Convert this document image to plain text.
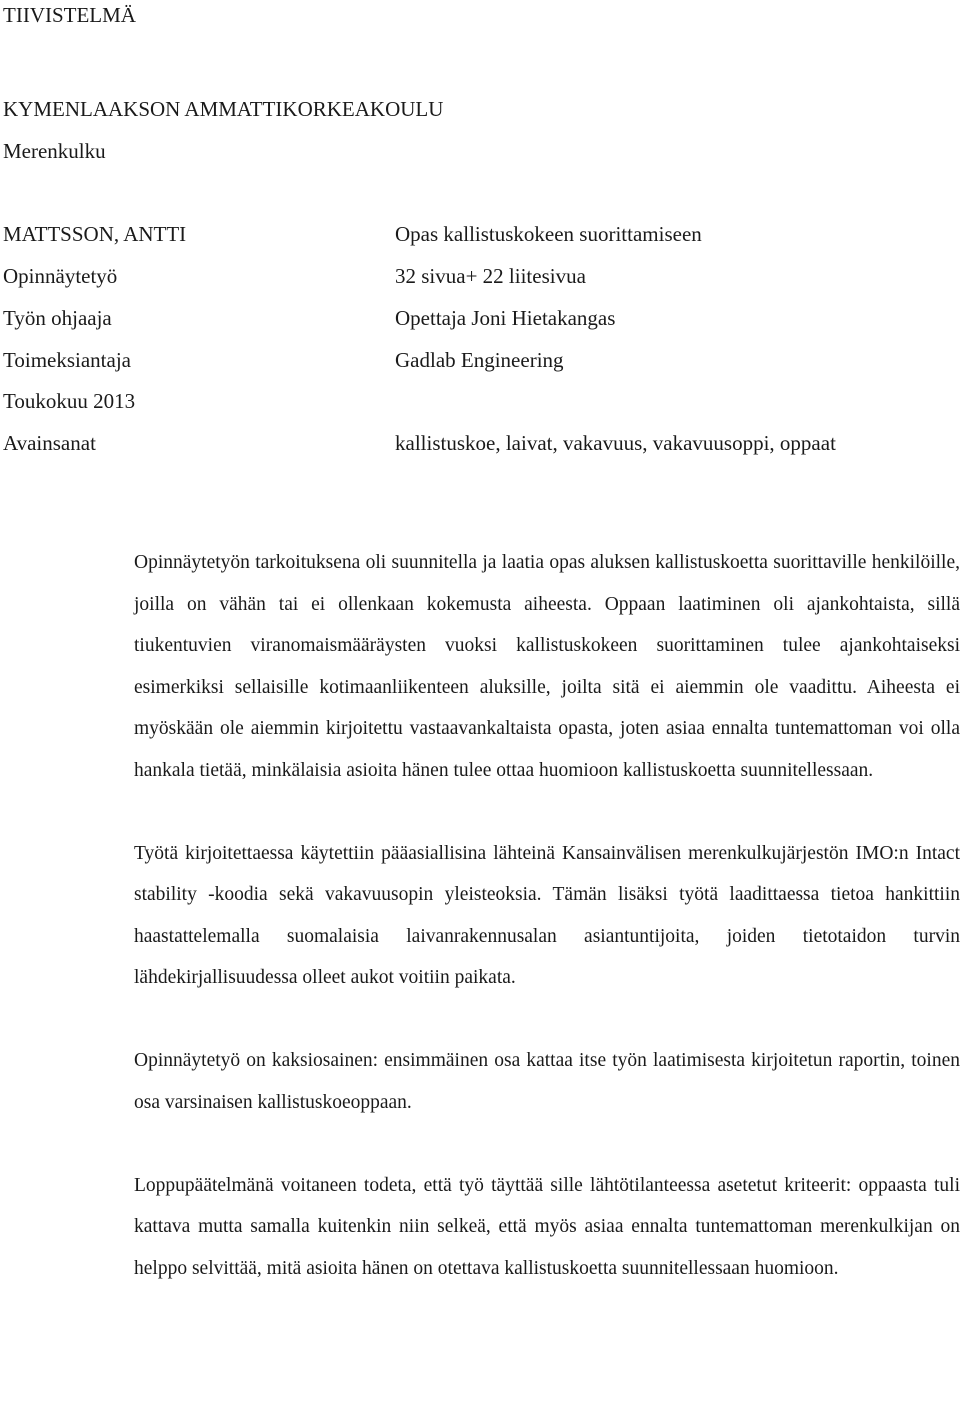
TIIVISTELMÄ
KYMENLAAKSON AMMATTIKORKEAKOULU
Merenkulku
MATTSSON, ANTTI	Opas kallistuskokeen suorittamiseen
Opinnäytetyö	32 sivua+ 22 liitesivua
Työn ohjaaja	Opettaja Joni Hietakangas
Toimeksiantaja	Gadlab Engineering
Toukokuu 2013
Avainsanat	kallistuskoe, laivat, vakavuus, vakavuusoppi, oppaat

Opinnäytetyön tarkoituksena oli suunnitella ja laatia opas aluksen kallistuskoetta suorittaville henkilöille, joilla on vähän tai ei ollenkaan kokemusta aiheesta. Oppaan laatiminen oli ajankohtaista, sillä tiukentuvien viranomaismääräysten vuoksi kallistuskokeen suorittaminen tulee ajankohtaiseksi esimerkiksi sellaisille kotimaanliikenteen aluksille, joilta sitä ei aiemmin ole vaadittu. Aiheesta ei myöskään ole aiemmin kirjoitettu vastaavankaltaista opasta, joten asiaa ennalta tuntemattoman voi olla hankala tietää, minkälaisia asioita hänen tulee ottaa huomioon kallistuskoetta suunnitellessaan.

Työtä kirjoitettaessa käytettiin pääasiallisina lähteinä Kansainvälisen merenkulkujärjestön IMO:n Intact stability -koodia sekä vakavuusopin yleisteoksia. Tämän lisäksi työtä laadittaessa tietoa hankittiin haastattelemalla suomalaisia laivanrakennusalan asiantuntijoita, joiden tietotaidon turvin lähdekirjallisuudessa olleet aukot voitiin paikata.

Opinnäytetyö on kaksiosainen: ensimmäinen osa kattaa itse työn laatimisesta kirjoitetun raportin, toinen osa varsinaisen kallistuskoeoppaan.

Loppupäätelmänä voitaneen todeta, että työ täyttää sille lähtötilanteessa asetetut kriteerit: oppaasta tuli kattava mutta samalla kuitenkin niin selkeä, että myös asiaa ennalta tuntemattoman merenkulkijan on helppo selvittää, mitä asioita hänen on otettava kallistuskoetta suunnitellessaan huomioon.
